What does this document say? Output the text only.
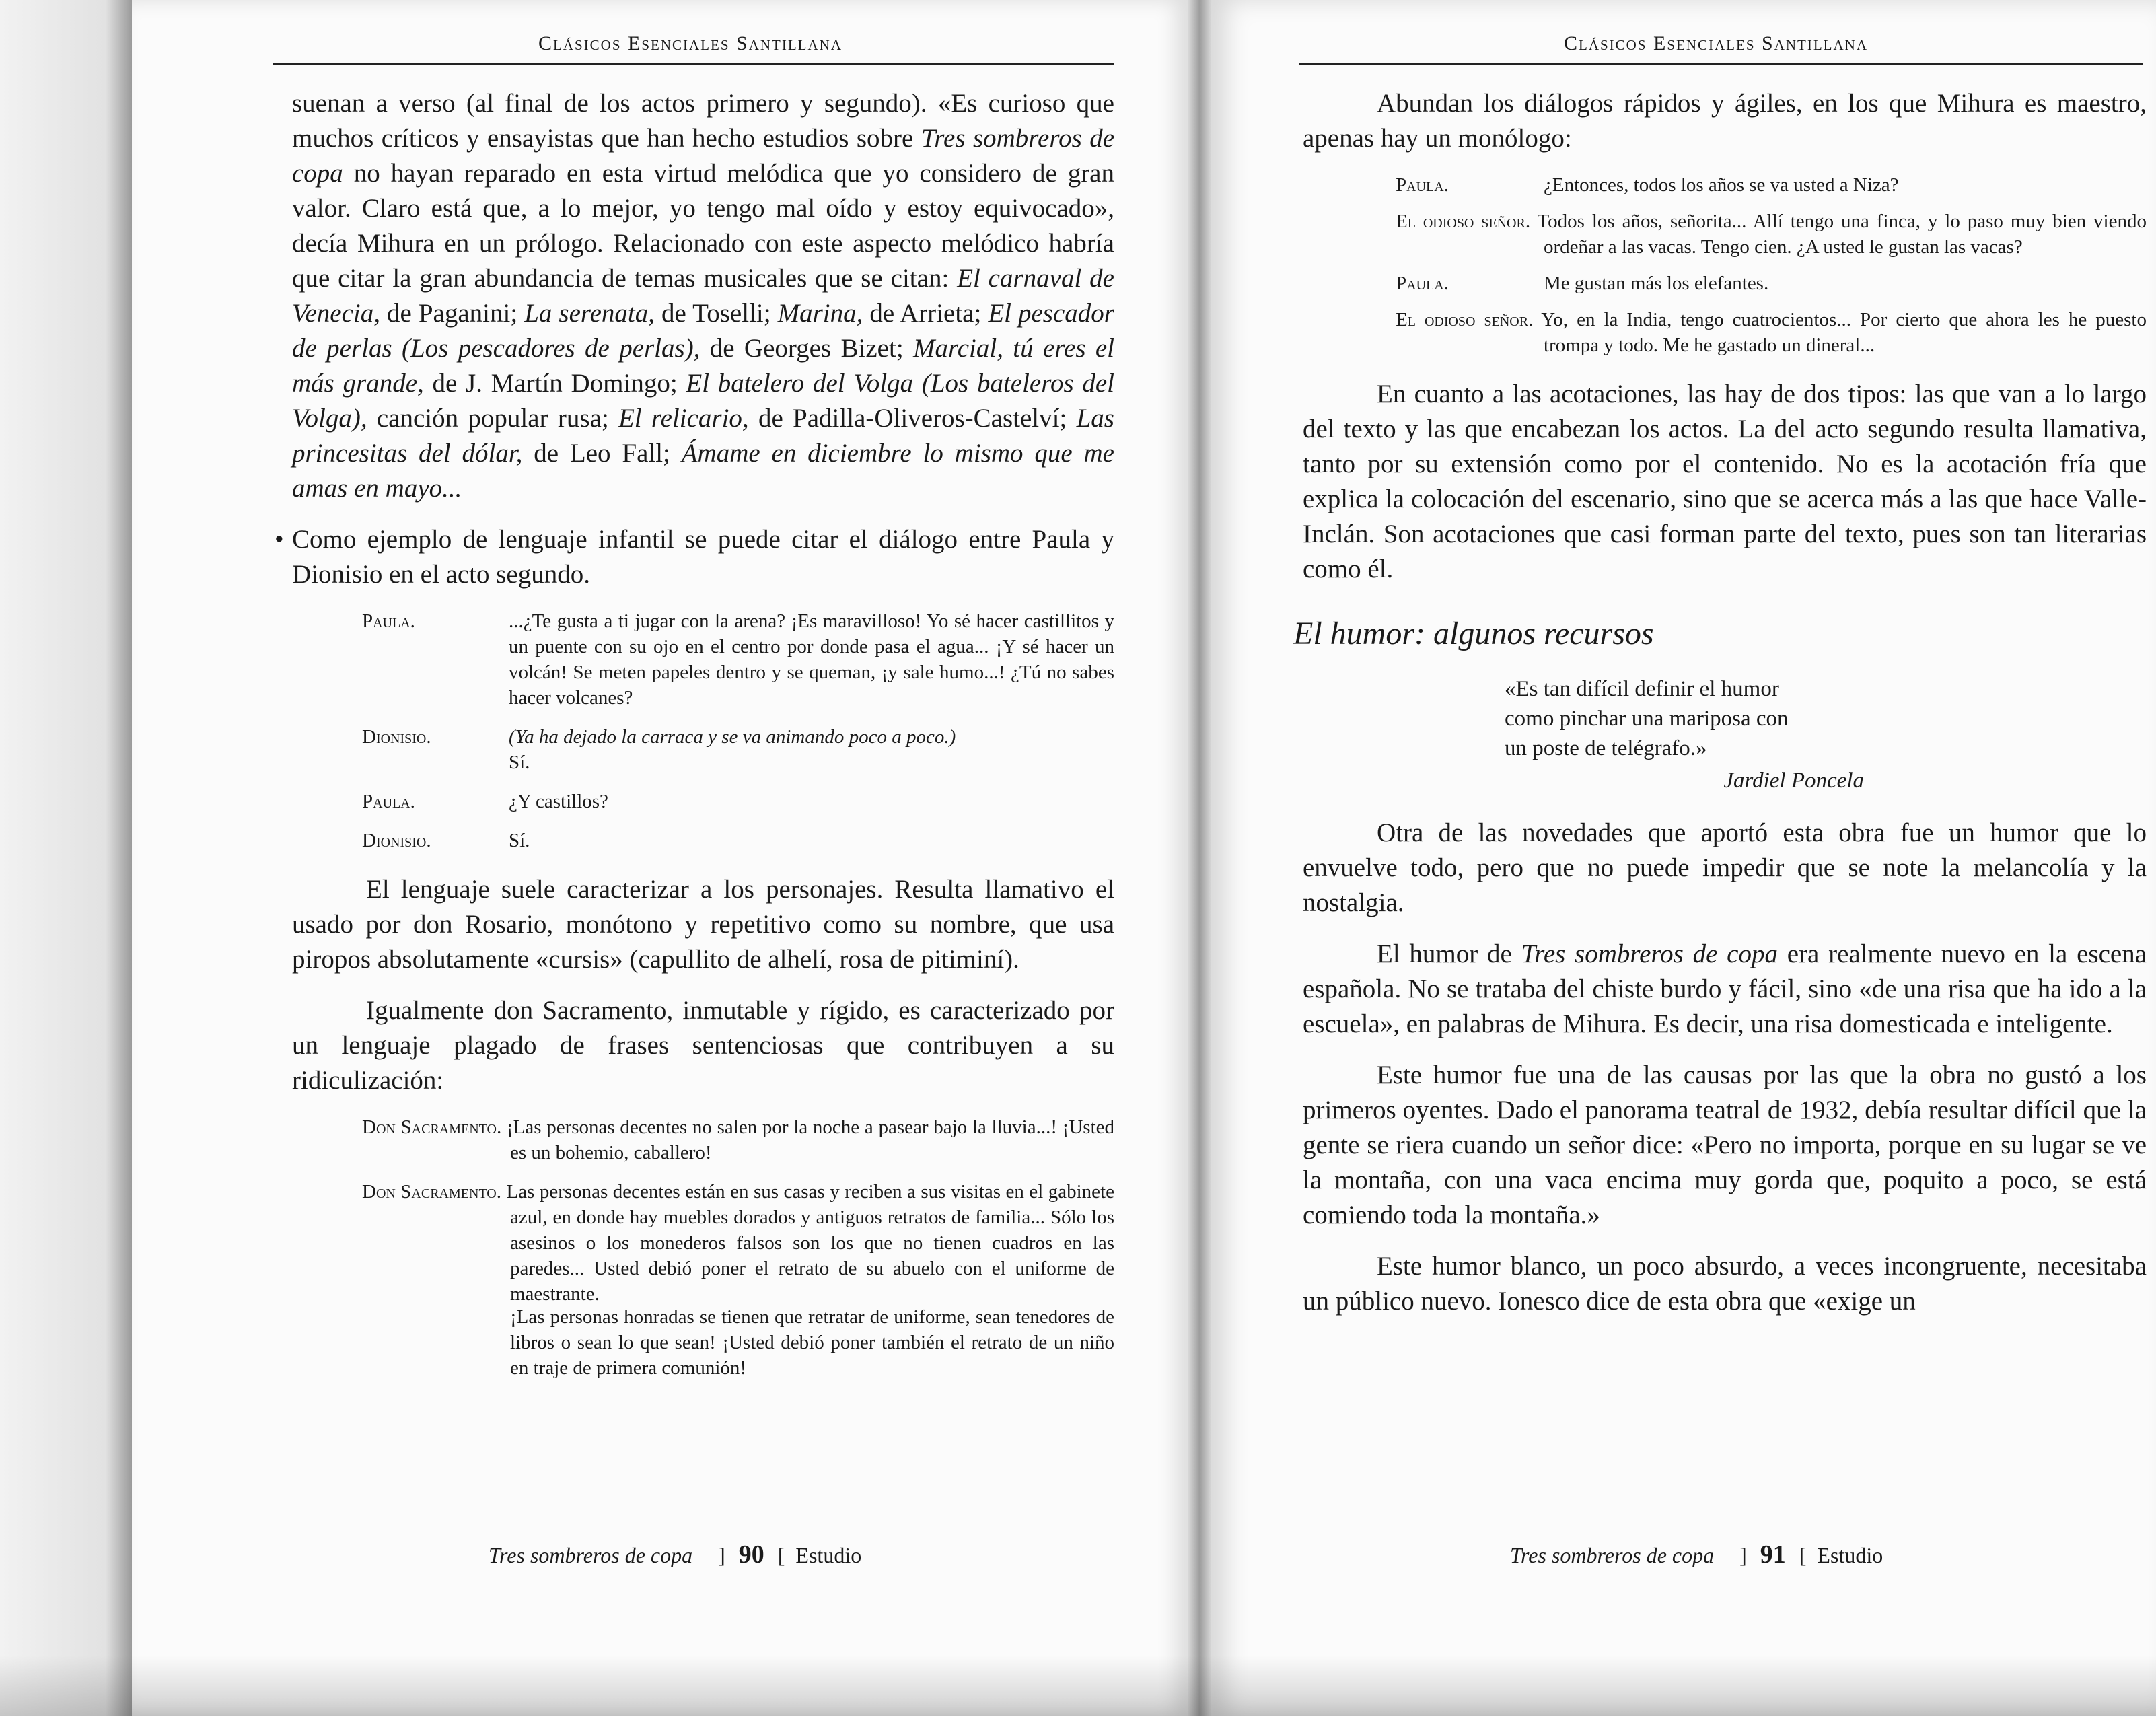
Clásicos Esenciales Santillana

suenan a verso (al final de los actos primero y segundo). «Es curioso que muchos críticos y ensayistas que han hecho estudios sobre Tres sombreros de copa no hayan reparado en esta virtud melódica que yo considero de gran valor. Claro está que, a lo mejor, yo tengo mal oído y estoy equivocado», decía Mihura en un prólogo. Relacionado con este aspecto melódico habría que citar la gran abundancia de temas musicales que se citan: El carnaval de Venecia, de Paganini; La serenata, de Toselli; Marina, de Arrieta; El pescador de perlas (Los pescadores de perlas), de Georges Bizet; Marcial, tú eres el más grande, de J. Martín Domingo; El batelero del Volga (Los bateleros del Volga), canción popular rusa; El relicario, de Padilla-Oliveros-Castelví; Las princesitas del dólar, de Leo Fall; Ámame en diciembre lo mismo que me amas en mayo...

• Como ejemplo de lenguaje infantil se puede citar el diálogo entre Paula y Dionisio en el acto segundo.

Paula.	...¿Te gusta a ti jugar con la arena? ¡Es maravilloso! Yo sé hacer castillitos y un puente con su ojo en el centro por donde pasa el agua... ¡Y sé hacer un volcán! Se meten papeles dentro y se queman, ¡y sale humo...! ¿Tú no sabes hacer volcanes?
Dionisio.	(Ya ha dejado la carraca y se va animando poco a poco.)
Sí.
Paula.	¿Y castillos?
Dionisio.	Sí.

El lenguaje suele caracterizar a los personajes. Resulta llamativo el usado por don Rosario, monótono y repetitivo como su nombre, que usa piropos absolutamente «cursis» (capullito de alhelí, rosa de pitiminí).

Igualmente don Sacramento, inmutable y rígido, es caracterizado por un lenguaje plagado de frases sentenciosas que contribuyen a su ridiculización:

Don Sacramento. ¡Las personas decentes no salen por la noche a pasear bajo la lluvia...! ¡Usted es un bohemio, caballero!
Don Sacramento. Las personas decentes están en sus casas y reciben a sus visitas en el gabinete azul, en donde hay muebles dorados y antiguos retratos de familia... Sólo los asesinos o los monederos falsos son los que no tienen cuadros en las paredes... Usted debió poner el retrato de su abuelo con el uniforme de maestrante.
¡Las personas honradas se tienen que retratar de uniforme, sean tenedores de libros o sean lo que sean! ¡Usted debió poner también el retrato de un niño en traje de primera comunión!
Tres sombreros de copa ] 90 [ Estudio
Clásicos Esenciales Santillana

Abundan los diálogos rápidos y ágiles, en los que Mihura es maestro, apenas hay un monólogo:

Paula.	¿Entonces, todos los años se va usted a Niza?
El odioso señor. Todos los años, señorita... Allí tengo una finca, y lo paso muy bien viendo ordeñar a las vacas. Tengo cien. ¿A usted le gustan las vacas?
Paula.	Me gustan más los elefantes.
El odioso señor. Yo, en la India, tengo cuatrocientos... Por cierto que ahora les he puesto trompa y todo. Me he gastado un dineral...

En cuanto a las acotaciones, las hay de dos tipos: las que van a lo largo del texto y las que encabezan los actos. La del acto segundo resulta llamativa, tanto por su extensión como por el contenido. No es la acotación fría que explica la colocación del escenario, sino que se acerca más a las que hace Valle-Inclán. Son acotaciones que casi forman parte del texto, pues son tan literarias como él.

El humor: algunos recursos
«Es tan difícil definir el humor
como pinchar una mariposa con
un poste de telégrafo.»
Jardiel Poncela

Otra de las novedades que aportó esta obra fue un humor que lo envuelve todo, pero que no puede impedir que se note la melancolía y la nostalgia.

El humor de Tres sombreros de copa era realmente nuevo en la escena española. No se trataba del chiste burdo y fácil, sino «de una risa que ha ido a la escuela», en palabras de Mihura. Es decir, una risa domesticada e inteligente.

Este humor fue una de las causas por las que la obra no gustó a los primeros oyentes. Dado el panorama teatral de 1932, debía resultar difícil que la gente se riera cuando un señor dice: «Pero no importa, porque en su lugar se ve la montaña, con una vaca encima muy gorda que, poquito a poco, se está comiendo toda la montaña.»

Este humor blanco, un poco absurdo, a veces incongruente, necesitaba un público nuevo. Ionesco dice de esta obra que «exige un

Tres sombreros de copa ] 91 [ Estudio
